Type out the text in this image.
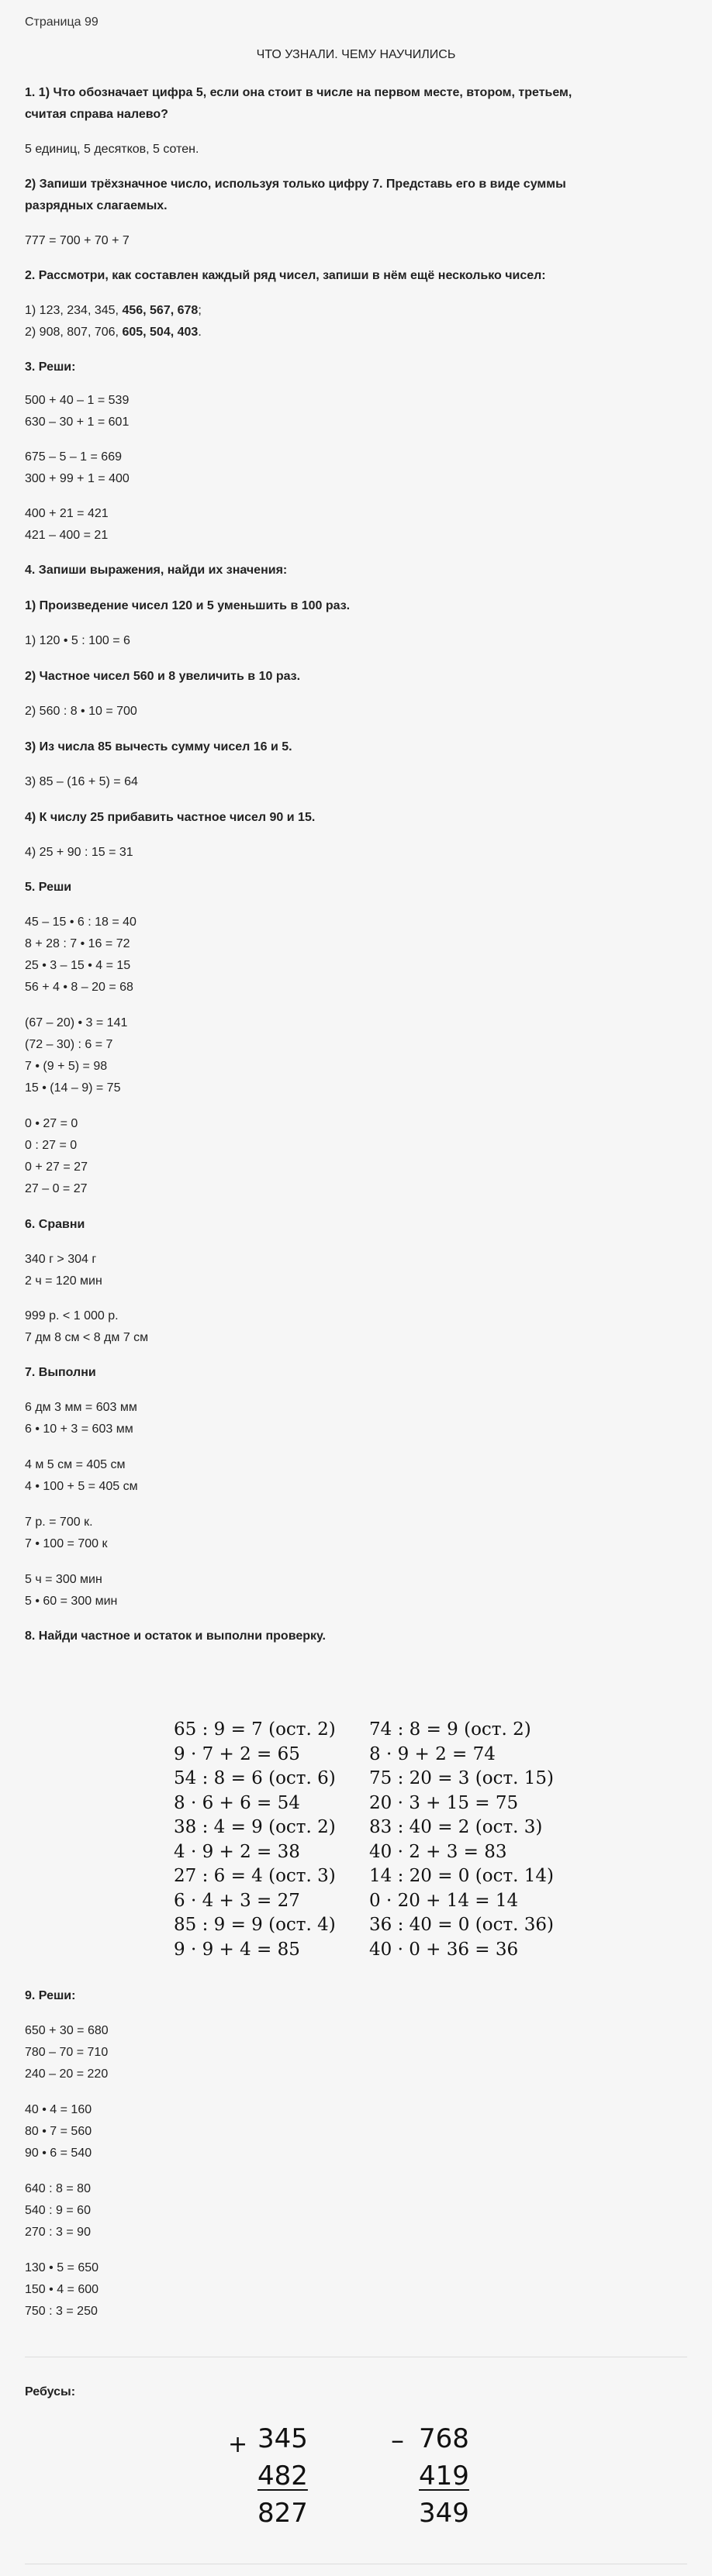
Страница 99
ЧТО УЗНАЛИ. ЧЕМУ НАУЧИЛИСЬ
1. 1) Что обозначает цифра 5, если она стоит в числе на первом месте, втором, третьем,
считая справа налево?
5 единиц, 5 десятков, 5 сотен.
2) Запиши трёхзначное число, используя только цифру 7. Представь его в виде суммы
разрядных слагаемых.
777 = 700 + 70 + 7
2. Рассмотри, как составлен каждый ряд чисел, запиши в нём ещё несколько чисел:
1) 123, 234, 345, 456, 567, 678;
2) 908, 807, 706, 605, 504, 403.
3. Реши:
500 + 40 – 1 = 539
630 – 30 + 1 = 601
675 – 5 – 1 = 669
300 + 99 + 1 = 400
400 + 21 = 421
421 – 400 = 21
4. Запиши выражения, найди их значения:
1) Произведение чисел 120 и 5 уменьшить в 100 раз.
1) 120 • 5 : 100 = 6
2) Частное чисел 560 и 8 увеличить в 10 раз.
2) 560 : 8 • 10 = 700
3) Из числа 85 вычесть сумму чисел 16 и 5.
3) 85 – (16 + 5) = 64
4) К числу 25 прибавить частное чисел 90 и 15.
4) 25 + 90 : 15 = 31
5. Реши
45 – 15 • 6 : 18 = 40
8 + 28 : 7 • 16 = 72
25 • 3 – 15 • 4 = 15
56 + 4 • 8 – 20 = 68
(67 – 20) • 3 = 141
(72 – 30) : 6 = 7
7 • (9 + 5) = 98
15 • (14 – 9) = 75
0 • 27 = 0
0 : 27 = 0
0 + 27 = 27
27 – 0 = 27
6. Сравни
340 г > 304 г
2 ч = 120 мин
999 р. < 1 000 р.
7 дм 8 см < 8 дм 7 см
7. Выполни
6 дм 3 мм = 603 мм
6 • 10 + 3 = 603 мм
4 м 5 см = 405 см
4 • 100 + 5 = 405 см
7 р. = 700 к.
7 • 100 = 700 к
5 ч = 300 мин
5 • 60 = 300 мин
8. Найди частное и остаток и выполни проверку.
9. Реши:
650 + 30 = 680
780 – 70 = 710
240 – 20 = 220
40 • 4 = 160
80 • 7 = 560
90 • 6 = 540
640 : 8 = 80
540 : 9 = 60
270 : 3 = 90
130 • 5 = 650
150 • 4 = 600
750 : 3 = 250
Ребусы:
65 : 9 = 7 (ост. 2)
9 · 7 + 2 = 65
54 : 8 = 6 (ост. 6)
8 · 6 + 6 = 54
38 : 4 = 9 (ост. 2)
4 · 9 + 2 = 38
27 : 6 = 4 (ост. 3)
6 · 4 + 3 = 27
85 : 9 = 9 (ост. 4)
9 · 9 + 4 = 85
74 : 8 = 9 (ост. 2)
8 · 9 + 2 = 74
75 : 20 = 3 (ост. 15)
20 · 3 + 15 = 75
83 : 40 = 2 (ост. 3)
40 · 2 + 3 = 83
14 : 20 = 0 (ост. 14)
0 · 20 + 14 = 14
36 : 40 = 0 (ост. 36)
40 · 0 + 36 = 36
+ 345
482
827
– 768
419
349
